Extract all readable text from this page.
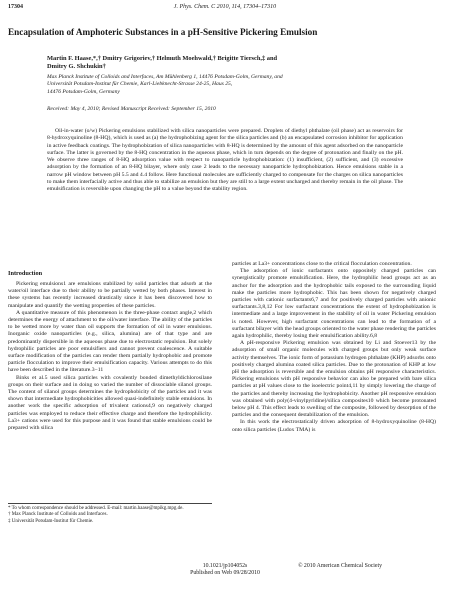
17304	J. Phys. Chem. C 2010, 114, 17304–17310
Encapsulation of Amphoteric Substances in a pH-Sensitive Pickering Emulsion
Martin F. Haase,*,† Dmitry Grigoriev,† Helmuth Moehwald,† Brigitte Tiersch,‡ and
Dmitry G. Shchukin†
Max Planck Institute of Colloids and Interfaces, Am Mühlenberg 1, 14476 Potsdam-Golm, Germany, and
Universität Potsdam-Institut für Chemie, Karl-Liebknecht-Strasse 24-25, Haus 25,
14476 Potsdam-Golm, Germany
Received: May 4, 2010; Revised Manuscript Received: September 15, 2010

Oil-in-water (o/w) Pickering emulsions stabilized with silica nanoparticles were prepared. Droplets of diethyl phthalate (oil phase) act as reservoirs for 8-hydroxyquinoline (8-HQ), which is used as (a) the hydrophobizing agent for the silica particles and (b) an encapsulated corrosion inhibitor for application in active feedback coatings. The hydrophobization of silica nanoparticles with 8-HQ is determined by the amount of this agent adsorbed on the nanoparticle surface. The latter is governed by the 8-HQ concentration in the aqueous phase, which in turn depends on the degree of protonation and finally on the pH. We observe three ranges of 8-HQ adsorption value with respect to nanoparticle hydrophobization: (1) insufficient, (2) sufficient, and (3) excessive adsorption by the formation of an 8-HQ bilayer, where only case 2 leads to the necessary nanoparticle hydrophobization. Hence emulsions stable in a narrow pH window between pH 5.5 and 4.4 follow. Here functional molecules are sufficiently charged to compensate for the charges on silica nanoparticles to make them interfacially active and thus able to stabilize an emulsion but they are still to a large extent uncharged and thereby remain in the oil phase. The emulsification is reversible upon changing the pH to a value beyond the stability region.

Introduction

Pickering emulsions1 are emulsions stabilized by solid particles that adsorb at the water/oil interface due to their ability to be partially wetted by both phases. Interest in these systems has recently increased drastically since it has been discovered how to manipulate and quantify the wetting properties of these particles.

A quantitative measure of this phenomenon is the three-phase contact angle,2 which determines the energy of attachment to the oil/water interface. The ability of the particles to be wetted more by water than oil supports the formation of oil in water emulsions. Inorganic oxide nanoparticles (e.g., silica, alumina) are of that type and are predominantly dispersible in the aqueous phase due to electrostatic repulsion. But solely hydrophilic particles are poor emulsifiers and cannot prevent coalescence. A suitable surface modification of the particles can render them partially hydrophobic and promote particle flocculation to improve their emulsification capacity. Various attempts to do this have been described in the literature.3−11

Binks et al.5 used silica particles with covalently bonded dimethyldichlorosilane groups on their surface and in doing so varied the number of dissociable silanol groups. The content of silanol groups determines the hydrophobicity of the particles and it was shown that intermediate hydrophobicities allowed quasi-indefinitely stable emulsions. In another work the specific adsorption of trivalent cations4,9 on negatively charged particles was employed to reduce their effective charge and therefore the hydrophilicity. La3+ cations were used for this purpose and it was found that stable emulsions could be prepared with silica

particles at La3+ concentrations close to the critical flocculation concentration.

The adsorption of ionic surfactants onto oppositely charged particles can synergistically promote emulsification. Here, the hydrophilic head groups act as an anchor for the adsorption and the hydrophobic tails exposed to the surrounding liquid make the particles more hydrophobic. This has been shown for negatively charged particles with cationic surfactants6,7 and for positively charged particles with anionic surfactants.3,8,12 For low surfactant concentrations the extent of hydrophobization is intermediate and a large improvement in the stability of oil in water Pickering emulsion is noted. However, high surfactant concentrations can lead to the formation of a surfactant bilayer with the head groups oriented to the water phase rendering the particles again hydrophilic, thereby losing their emulsification ability.6,8

A pH-responsive Pickering emulsion was obtained by Li and Stoever13 by the adsorption of small organic molecules with charged groups but only weak surface activity themselves. The ionic form of potassium hydrogen phthalate (KHP) adsorbs onto positively charged alumina coated silica particles. Due to the protonation of KHP at low pH the adsorption is reversible and the emulsion obtains pH responsive characteristics. Pickering emulsions with pH responsive behavior can also be prepared with bare silica particles at pH values close to the isoelectric point4,11 by simply lowering the charge of the particles and thereby increasing the hydrophobicity. Another pH responsive emulsion was obtained with poly(4-vinylpyridine)/silica composites10 which become protonated below pH 4. This effect leads to swelling of the composite, followed by desorption of the particles and the consequent destabilization of the emulsion.

In this work the electrostatically driven adsorption of 8-hydroxyquinoline (8-HQ) onto silica particles (Ludox TMA) is

* To whom correspondence should be addressed. E-mail: martin.haase@mpikg.mpg.de.
† Max Planck Institute of Colloids and Interfaces.
‡ Universität Potsdam-Institut für Chemie.
10.1021/jp104052s	© 2010 American Chemical Society
Published on Web 09/28/2010
